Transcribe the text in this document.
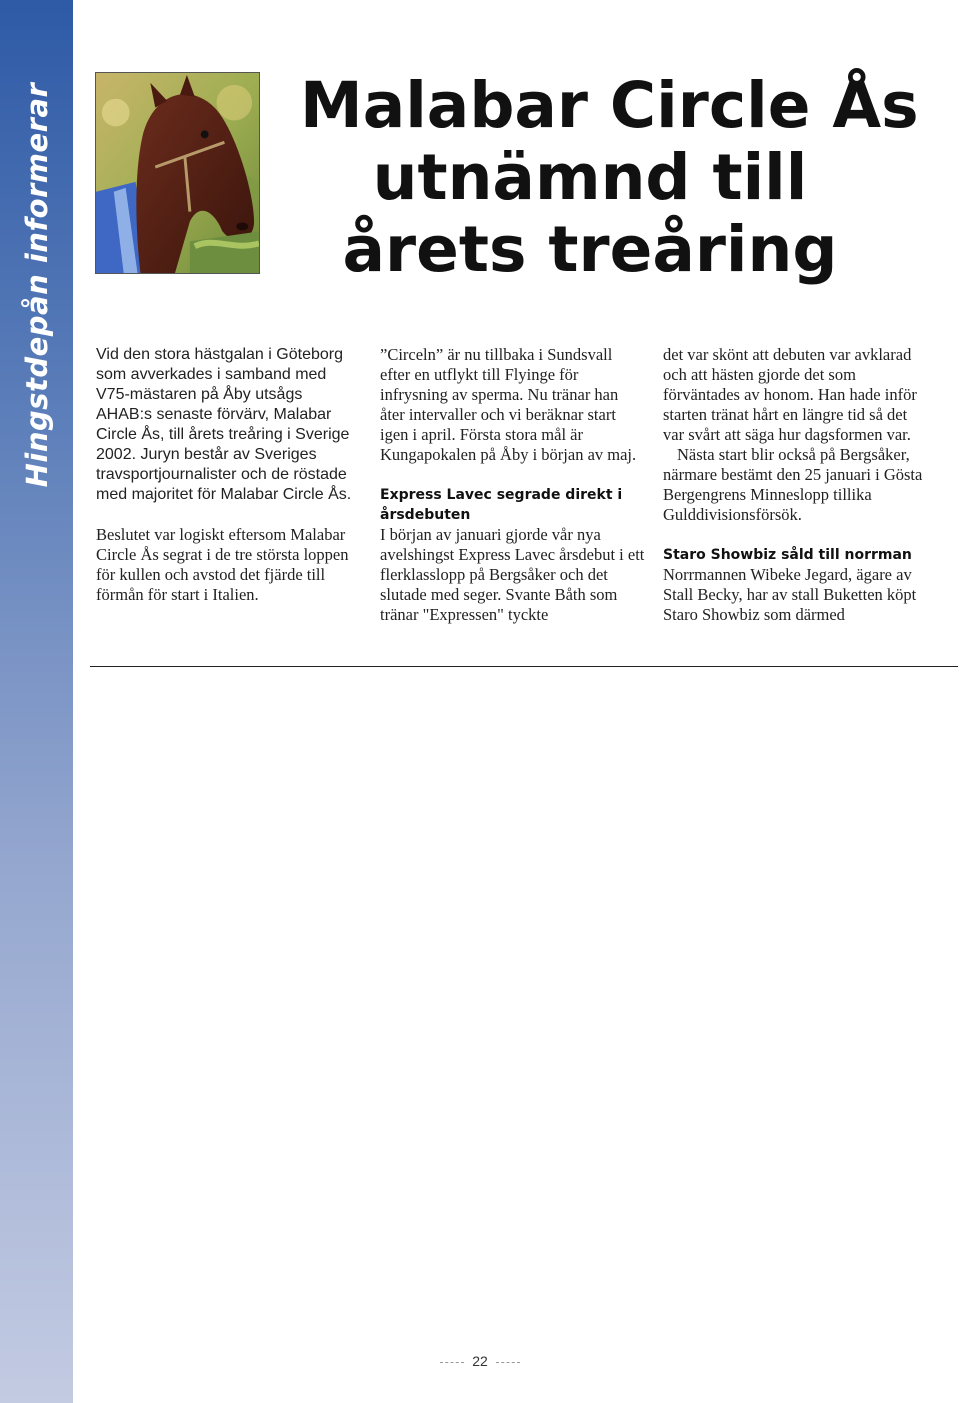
Hingstdepån informerar	Malabar Circle Ås
utnämnd till
årets treåring

Vid den stora hästgalan i Göteborg som avverkades i samband med V75-mästaren på Åby utsågs AHAB:s senaste förvärv, Malabar Circle Ås, till årets treåring i Sverige 2002. Juryn består av Sveriges travsportjournalister och de röstade med majoritet för Malabar Circle Ås.

Beslutet var logiskt eftersom Malabar Circle Ås segrat i de tre största loppen för kullen och avstod det fjärde till förmån för start i Italien.

”Circeln” är nu tillbaka i Sundsvall efter en utflykt till Flyinge för infrysning av sperma. Nu tränar han åter intervaller och vi beräknar start igen i april. Första stora mål är Kungapokalen på Åby i början av maj.

Express Lavec segrade direkt i årsdebuten

I början av januari gjorde vår nya avelshingst Express Lavec årsdebut i ett flerklasslopp på Bergsåker och det slutade med seger. Svante Båth som tränar "Expressen" tyckte

det var skönt att debuten var avklarad och att hästen gjorde det som förväntades av honom. Han hade inför starten tränat hårt en längre tid så det var svårt att säga hur dagsformen var.

Nästa start blir också på Bergsåker, närmare bestämt den 25 januari i Gösta Bergengrens Minneslopp tillika Gulddivisionsförsök.

Staro Showbiz såld till norrman

Norrmannen Wibeke Jegard, ägare av Stall Becky, har av stall Buketten köpt Staro Showbiz som därmed

22
